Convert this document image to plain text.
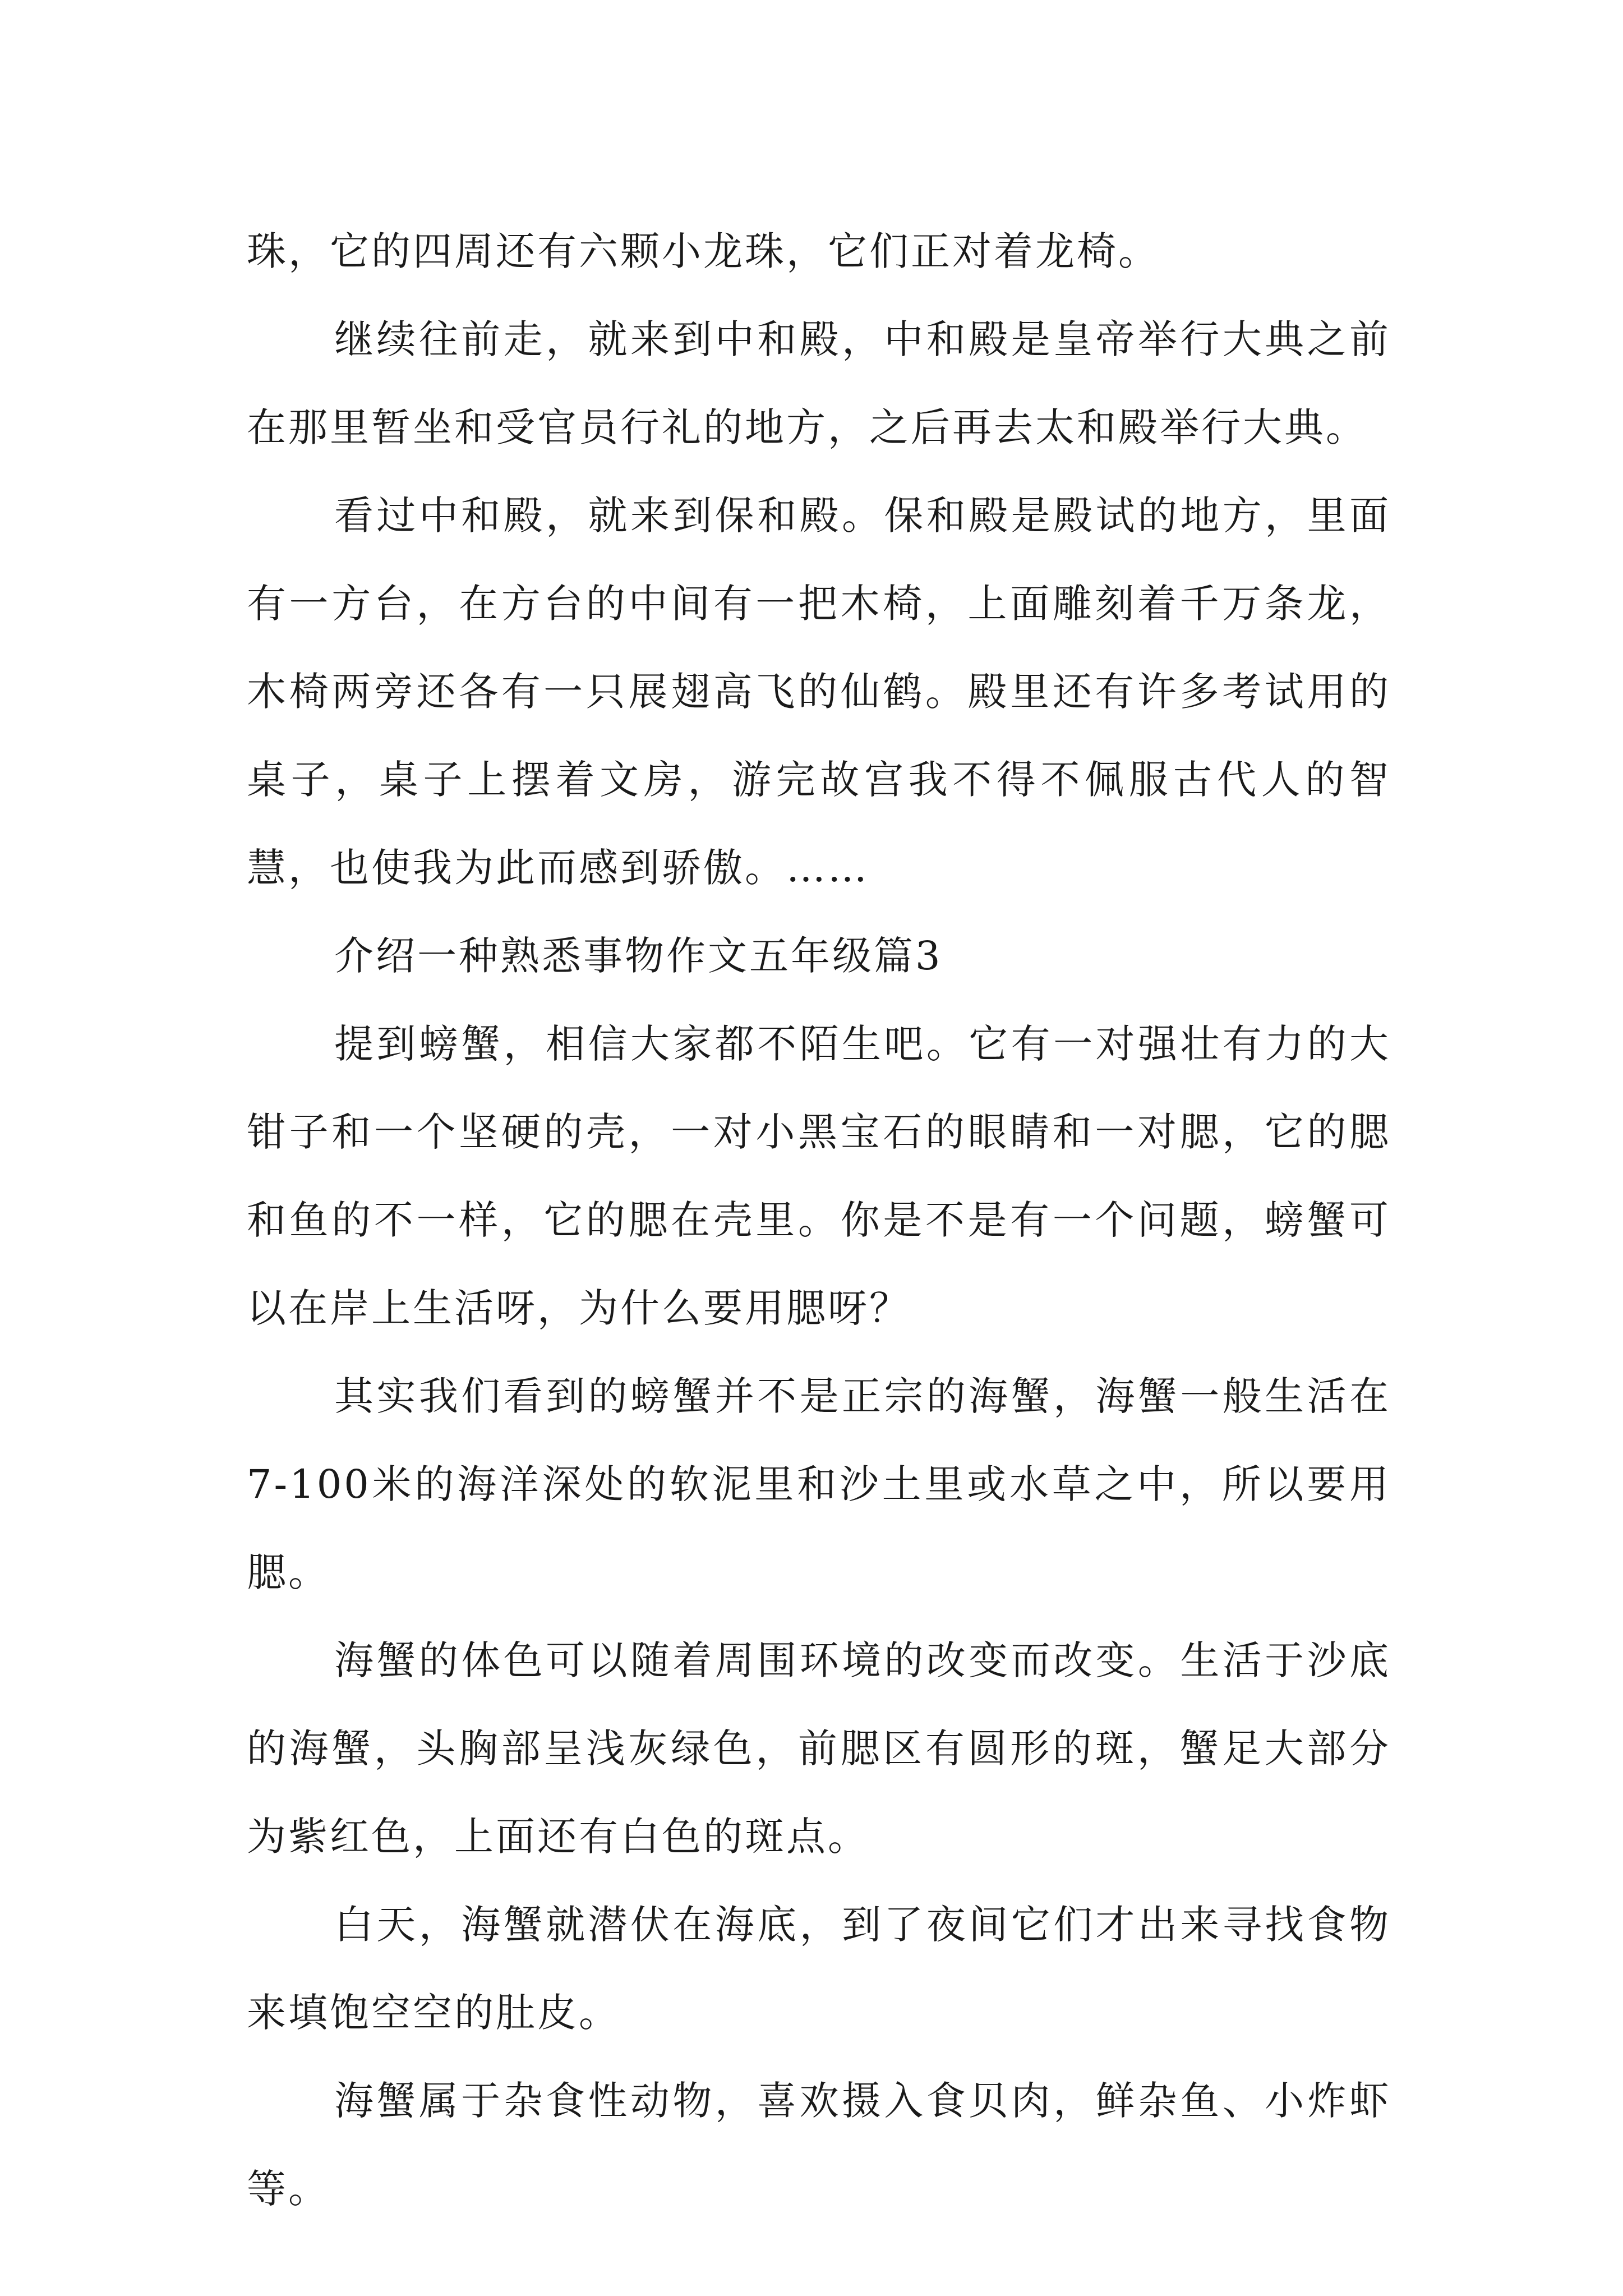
珠，它的四周还有六颗小龙珠，它们正对着龙椅。

继续往前走，就来到中和殿，中和殿是皇帝举行大典之前在那里暂坐和受官员行礼的地方，之后再去太和殿举行大典。

看过中和殿，就来到保和殿。保和殿是殿试的地方，里面有一方台，在方台的中间有一把木椅，上面雕刻着千万条龙，木椅两旁还各有一只展翅高飞的仙鹤。殿里还有许多考试用的桌子，桌子上摆着文房，游完故宫我不得不佩服古代人的智慧，也使我为此而感到骄傲。……

介绍一种熟悉事物作文五年级篇3

提到螃蟹，相信大家都不陌生吧。它有一对强壮有力的大钳子和一个坚硬的壳，一对小黑宝石的眼睛和一对腮，它的腮和鱼的不一样，它的腮在壳里。你是不是有一个问题，螃蟹可以在岸上生活呀，为什么要用腮呀？

其实我们看到的螃蟹并不是正宗的海蟹，海蟹一般生活在7-100米的海洋深处的软泥里和沙土里或水草之中，所以要用腮。

海蟹的体色可以随着周围环境的改变而改变。生活于沙底的海蟹，头胸部呈浅灰绿色，前腮区有圆形的斑，蟹足大部分为紫红色，上面还有白色的斑点。

白天，海蟹就潜伏在海底，到了夜间它们才出来寻找食物来填饱空空的肚皮。

海蟹属于杂食性动物，喜欢摄入食贝肉，鲜杂鱼、小炸虾等。
